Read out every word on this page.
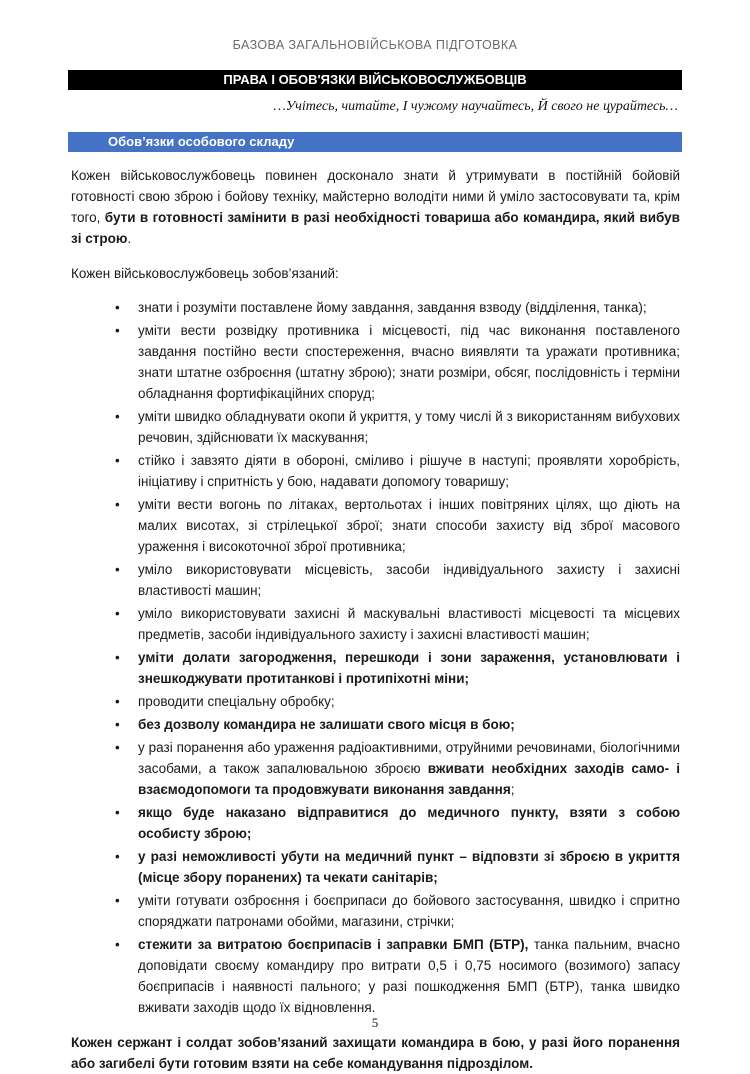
БАЗОВА ЗАГАЛЬНОВІЙСЬКОВА ПІДГОТОВКА
ПРАВА І ОБОВ'ЯЗКИ ВІЙСЬКОВОСЛУЖБОВЦІВ
…Учітесь, читайте, І чужому научайтесь, Й свого не цурайтесь…
Обов’язки особового складу

Кожен військовослужбовець повинен досконало знати й утримувати в постійній бойовій готовності свою зброю і бойову техніку, майстерно володіти ними й уміло застосовувати та, крім того, бути в готовності замінити в разі необхідності товариша або командира, який вибув зі строю.

Кожен військовослужбовець зобов’язаний:

• знати і розуміти поставлене йому завдання, завдання взводу (відділення, танка);
• уміти вести розвідку противника і місцевості, під час виконання поставленого завдання постійно вести спостереження, вчасно виявляти та уражати противника; знати штатне озброєння (штатну зброю); знати розміри, обсяг, послідовність і терміни обладнання фортифікаційних споруд;
• уміти швидко обладнувати окопи й укриття, у тому числі й з використанням вибухових речовин, здійснювати їх маскування;
• стійко і завзято діяти в обороні, сміливо і рішуче в наступі; проявляти хоробрість, ініціативу і спритність у бою, надавати допомогу товаришу;
• уміти вести вогонь по літаках, вертольотах і інших повітряних цілях, що діють на малих висотах, зі стрілецької зброї; знати способи захисту від зброї масового ураження і високоточної зброї противника;
• уміло використовувати місцевість, засоби індивідуального захисту і захисні властивості машин;
• уміло використовувати захисні й маскувальні властивості місцевості та місцевих предметів, засоби індивідуального захисту і захисні властивості машин;
• уміти долати загородження, перешкоди і зони зараження, установлювати і знешкоджувати протитанкові і протипіхотні міни;
• проводити спеціальну обробку;
• без дозволу командира не залишати свого місця в бою;
• у разі поранення або ураження радіоактивними, отруйними речовинами, біологічними засобами, а також запалювальною зброєю вживати необхідних заходів само- і взаємодопомоги та продовжувати виконання завдання;
• якщо буде наказано відправитися до медичного пункту, взяти з собою особисту зброю;
• у разі неможливості убути на медичний пункт – відповзти зі зброєю в укриття (місце збору поранених) та чекати санітарів;
• уміти готувати озброєння і боєприпаси до бойового застосування, швидко і спритно споряджати патронами обойми, магазини, стрічки;
• стежити за витратою боєприпасів і заправки БМП (БТР), танка пальним, вчасно доповідати своєму командиру про витрати 0,5 і 0,75 носимого (возимого) запасу боєприпасів і наявності пального; у разі пошкодження БМП (БТР), танка швидко вживати заходів щодо їх відновлення.

Кожен сержант і солдат зобов’язаний захищати командира в бою, у разі його поранення або загибелі бути готовим взяти на себе командування підрозділом.

5
